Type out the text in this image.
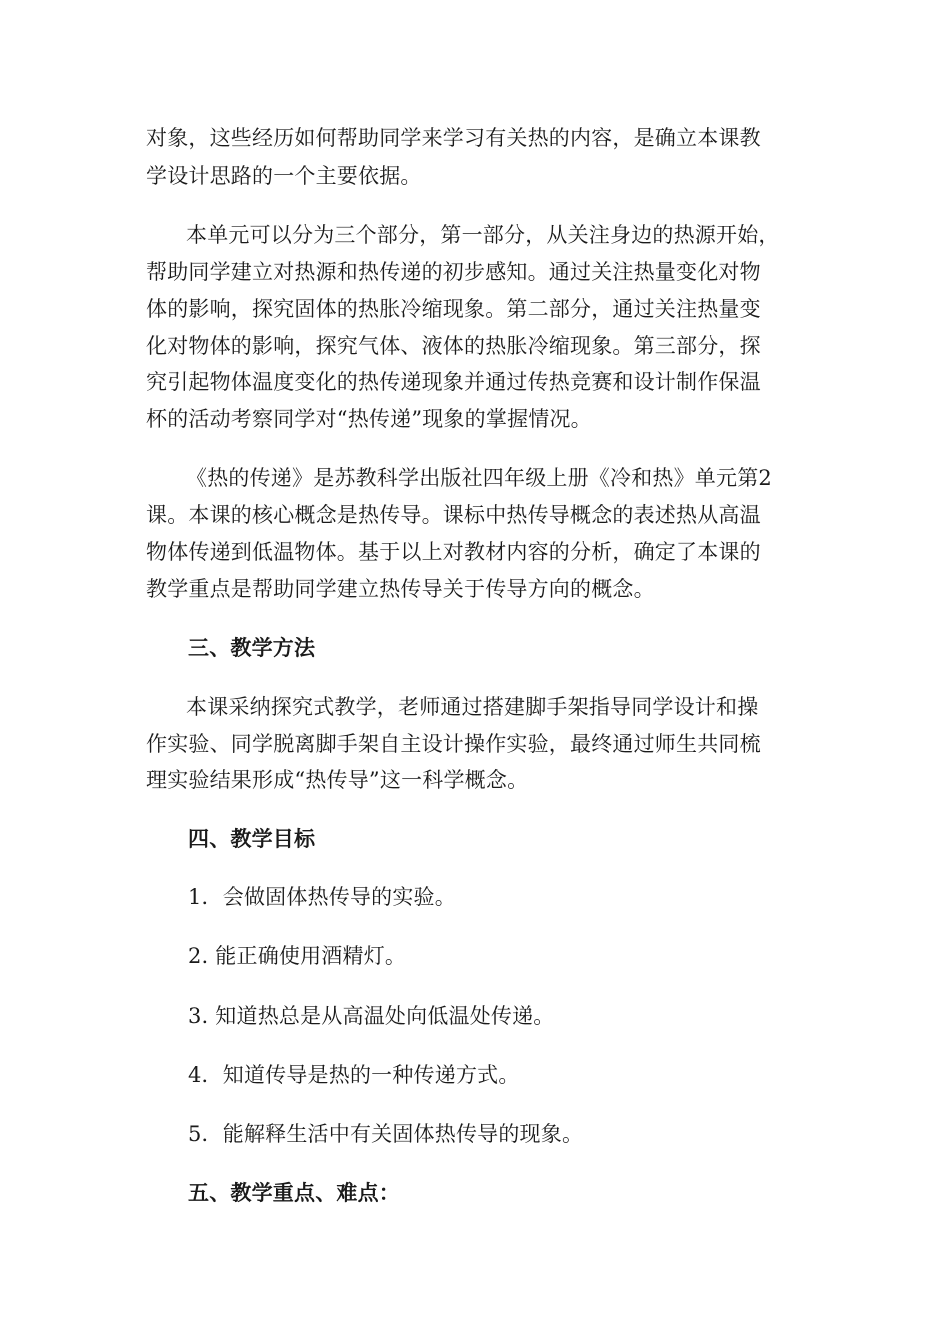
对象，这些经历如何帮助同学来学习有关热的内容，是确立本课教
学设计思路的一个主要依据。
本单元可以分为三个部分，第一部分，从关注身边的热源开始，
帮助同学建立对热源和热传递的初步感知。通过关注热量变化对物
体的影响，探究固体的热胀冷缩现象。第二部分，通过关注热量变
化对物体的影响，探究气体、液体的热胀冷缩现象。第三部分，探
究引起物体温度变化的热传递现象并通过传热竞赛和设计制作保温
杯的活动考察同学对“热传递”现象的掌握情况。
《热的传递》是苏教科学出版社四年级上册《冷和热》单元第2
课。本课的核心概念是热传导。课标中热传导概念的表述热从高温
物体传递到低温物体。基于以上对教材内容的分析，确定了本课的
教学重点是帮助同学建立热传导关于传导方向的概念。
三、教学方法
本课采纳探究式教学，老师通过搭建脚手架指导同学设计和操
作实验、同学脱离脚手架自主设计操作实验，最终通过师生共同梳
理实验结果形成“热传导”这一科学概念。
四、教学目标
1．会做固体热传导的实验。
2. 能正确使用酒精灯。
3. 知道热总是从高温处向低温处传递。
4．知道传导是热的一种传递方式。
5．能解释生活中有关固体热传导的现象。
五、教学重点、难点：
